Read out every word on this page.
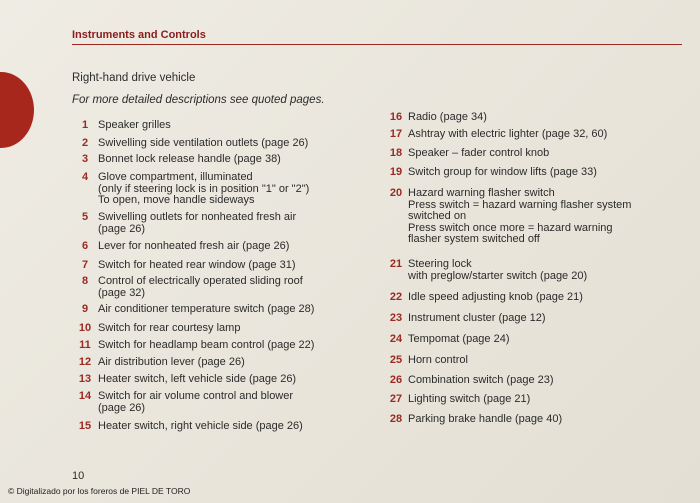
Instruments and Controls
Right-hand drive vehicle
For more detailed descriptions see quoted pages.
1 Speaker grilles
2 Swivelling side ventilation outlets (page 26)
3 Bonnet lock release handle (page 38)
4 Glove compartment, illuminated
(only if steering lock is in position "1" or "2")
To open, move handle sideways
5 Swivelling outlets for nonheated fresh air
(page 26)
6 Lever for nonheated fresh air (page 26)
7 Switch for heated rear window (page 31)
8 Control of electrically operated sliding roof
(page 32)
9 Air conditioner temperature switch (page 28)
10 Switch for rear courtesy lamp
11 Switch for headlamp beam control (page 22)
12 Air distribution lever (page 26)
13 Heater switch, left vehicle side (page 26)
14 Switch for air volume control and blower
(page 26)
15 Heater switch, right vehicle side (page 26)
16 Radio (page 34)
17 Ashtray with electric lighter (page 32, 60)
18 Speaker – fader control knob
19 Switch group for window lifts (page 33)
20 Hazard warning flasher switch
Press switch = hazard warning flasher system
switched on
Press switch once more = hazard warning
flasher system switched off
21 Steering lock
with preglow/starter switch (page 20)
22 Idle speed adjusting knob (page 21)
23 Instrument cluster (page 12)
24 Tempomat (page 24)
25 Horn control
26 Combination switch (page 23)
27 Lighting switch (page 21)
28 Parking brake handle (page 40)
10
© Digitalizado por los foreros de PIEL DE TORO
